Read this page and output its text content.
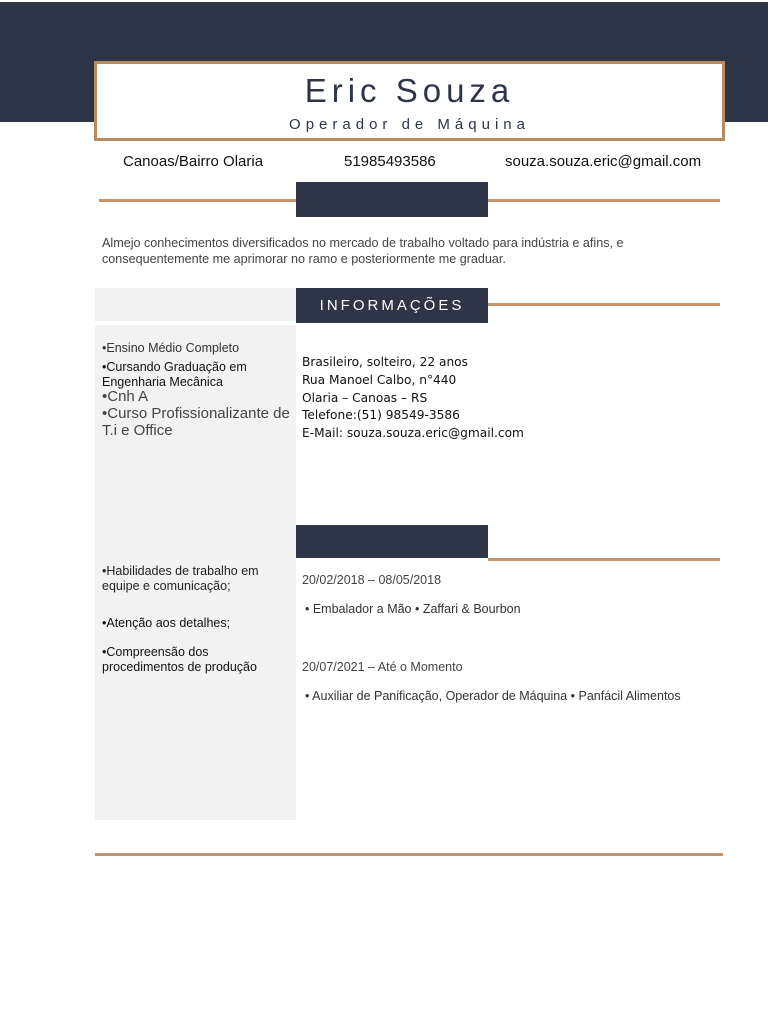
Eric Souza
Operador de Máquina
Canoas/Bairro Olaria	51985493586	souza.souza.eric@gmail.com
Almejo conhecimentos diversificados no mercado de trabalho voltado para indústria e afins, e consequentemente me aprimorar no ramo e posteriormente me graduar.
INFORMAÇÕES
•Ensino Médio Completo
•Cursando Graduação em Engenharia Mecânica
•Cnh A
•Curso Profissionalizante de T.i e Office
Brasileiro, solteiro, 22 anos
Rua Manoel Calbo, n°440
Olaria – Canoas – RS
Telefone:(51) 98549-3586
E-Mail: souza.souza.eric@gmail.com
•Habilidades de trabalho em equipe e comunicação;
•Atenção aos detalhes;
•Compreensão dos procedimentos de produção
20/02/2018 – 08/05/2018
• Embalador a Mão • Zaffari & Bourbon
20/07/2021 – Até o Momento
• Auxiliar de Panificação, Operador de Máquina • Panfácil Alimentos
